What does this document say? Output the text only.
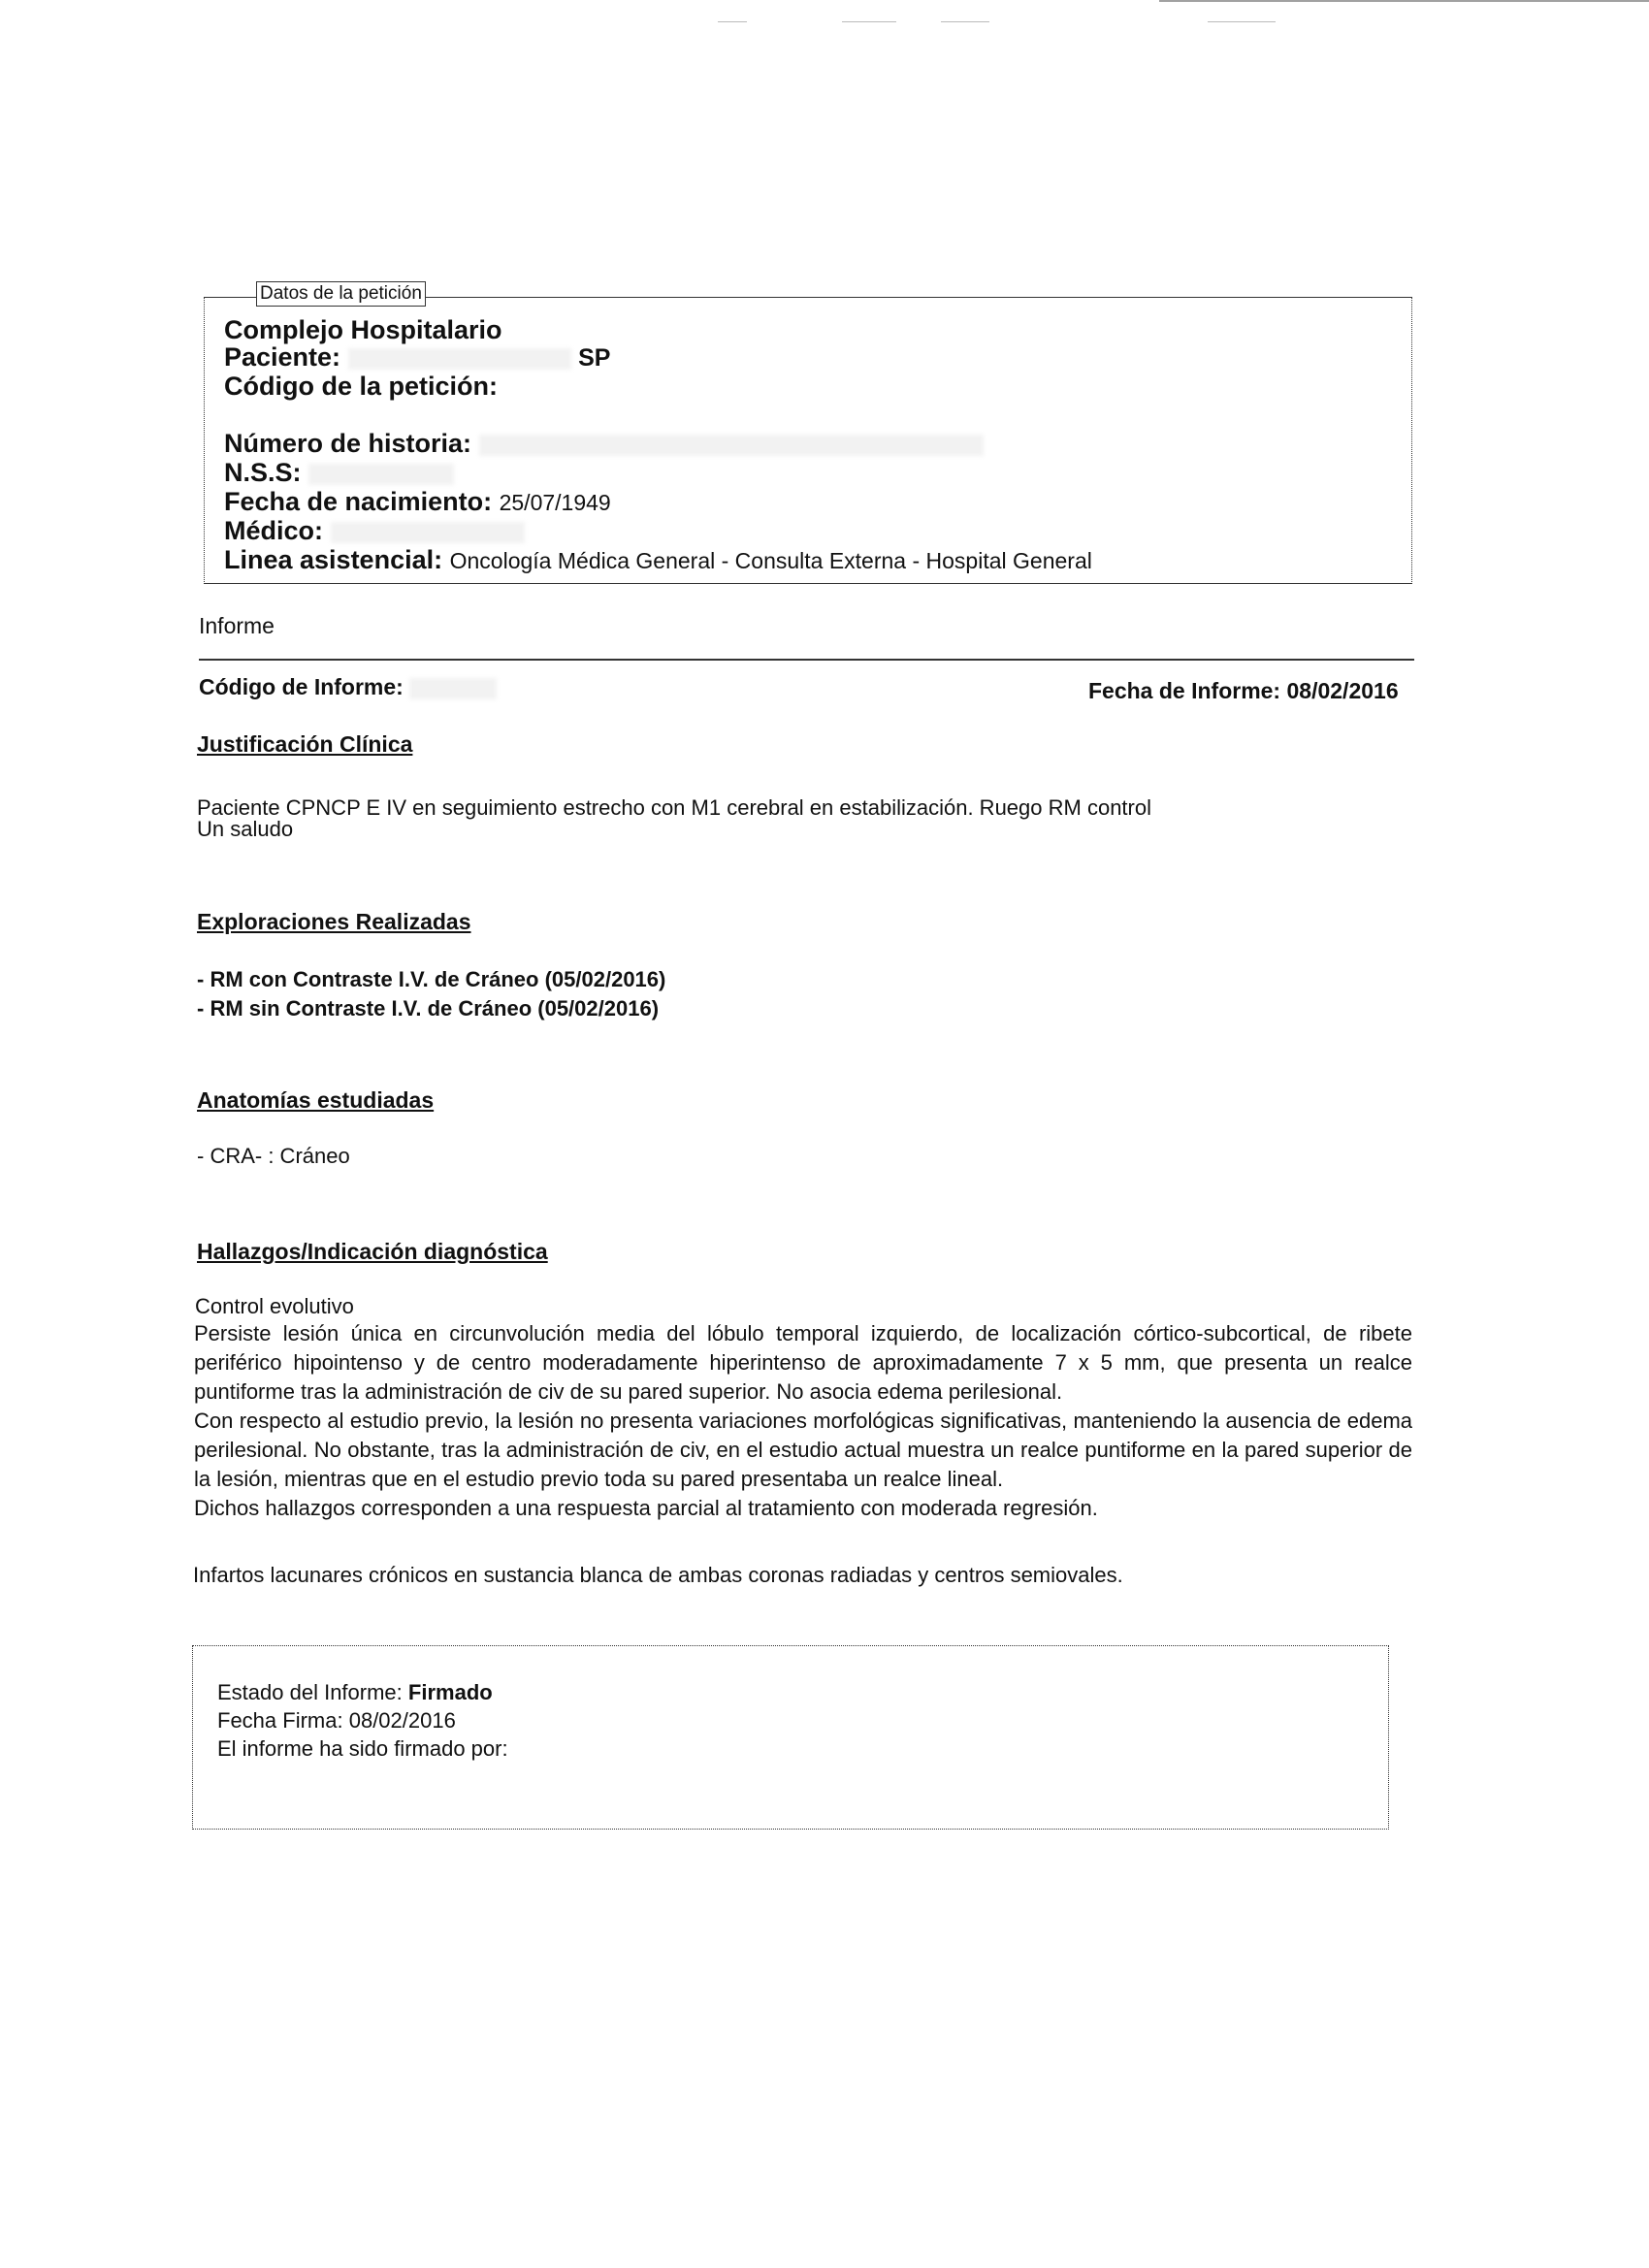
Datos de la petición
Complejo Hospitalario
Paciente:	SP
Código de la petición:
Número de historia:
N.S.S:
Fecha de nacimiento: 25/07/1949
Médico:
Linea asistencial: Oncología Médica General - Consulta Externa - Hospital General
Informe
Código de Informe:	Fecha de Informe: 08/02/2016
Justificación Clínica
Paciente CPNCP E IV en seguimiento estrecho con M1 cerebral en estabilización. Ruego RM control
Un saludo
Exploraciones Realizadas
- RM con Contraste I.V. de Cráneo (05/02/2016)
- RM sin Contraste I.V. de Cráneo (05/02/2016)
Anatomías estudiadas
- CRA- : Cráneo
Hallazgos/Indicación diagnóstica
Control evolutivo
Persiste lesión única en circunvolución media del lóbulo temporal izquierdo, de localización córtico-subcortical, de ribete periférico hipointenso y de centro moderadamente hiperintenso de aproximadamente 7 x 5 mm, que presenta un realce puntiforme tras la administración de civ de su pared superior. No asocia edema perilesional.
Con respecto al estudio previo, la lesión no presenta variaciones morfológicas significativas, manteniendo la ausencia de edema perilesional. No obstante, tras la administración de civ, en el estudio actual muestra un realce puntiforme en la pared superior de la lesión, mientras que en el estudio previo toda su pared presentaba un realce lineal.
Dichos hallazgos corresponden a una respuesta parcial al tratamiento con moderada regresión.
Infartos lacunares crónicos en sustancia blanca de ambas coronas radiadas y centros semiovales.
Estado del Informe: Firmado
Fecha Firma: 08/02/2016
El informe ha sido firmado por:
